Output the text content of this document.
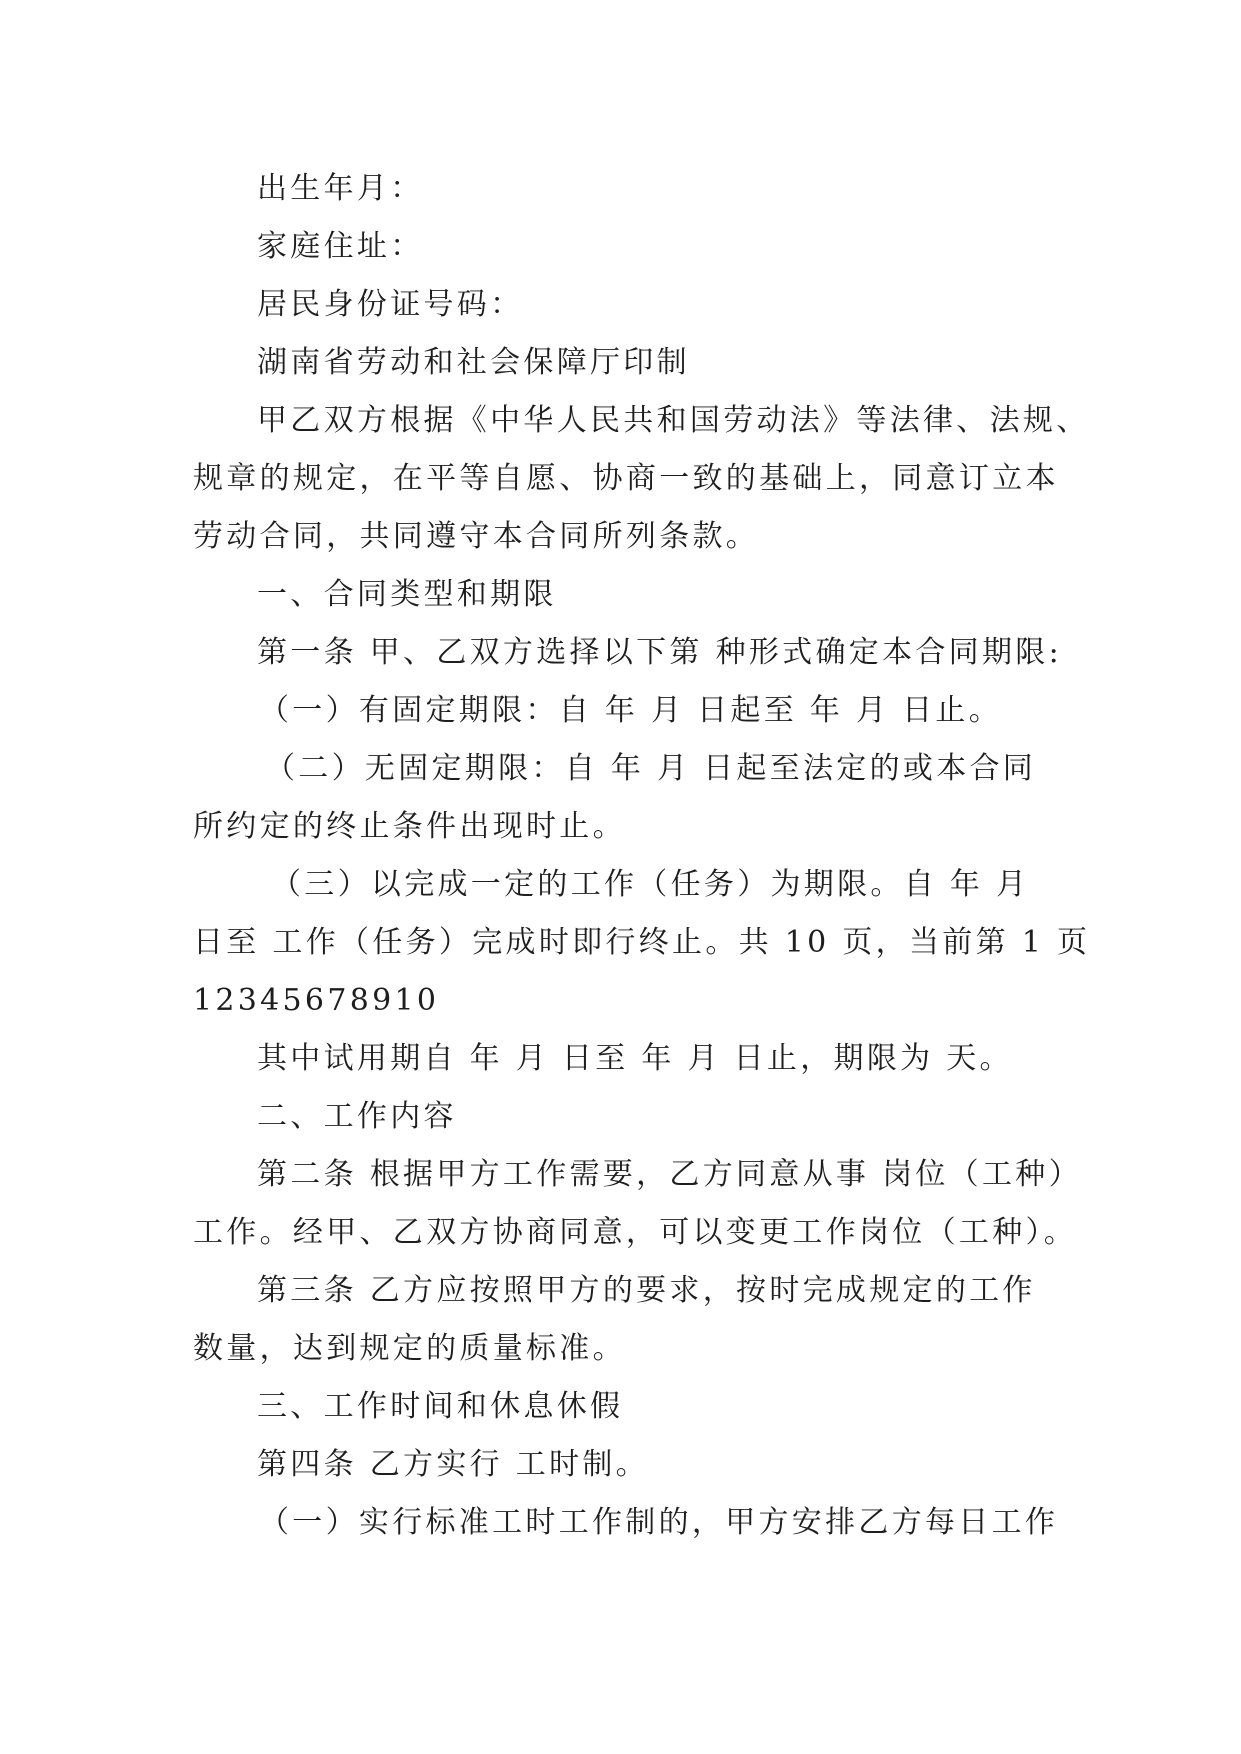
出生年月：
家庭住址：
居民身份证号码：
湖南省劳动和社会保障厅印制
甲乙双方根据《中华人民共和国劳动法》等法律、法规、
规章的规定，在平等自愿、协商一致的基础上，同意订立本
劳动合同，共同遵守本合同所列条款。
一、合同类型和期限
第一条 甲、乙双方选择以下第 种形式确定本合同期限:
（一）有固定期限：自 年 月 日起至 年 月 日止。
（二）无固定期限：自 年 月 日起至法定的或本合同
所约定的终止条件出现时止。
（三）以完成一定的工作（任务）为期限。自 年 月
日至 工作（任务）完成时即行终止。共 10 页，当前第 1 页
12345678910
其中试用期自 年 月 日至 年 月 日止，期限为 天。
二、工作内容
第二条 根据甲方工作需要，乙方同意从事 岗位（工种）
工作。经甲、乙双方协商同意，可以变更工作岗位（工种）。
第三条 乙方应按照甲方的要求，按时完成规定的工作
数量，达到规定的质量标准。
三、工作时间和休息休假
第四条 乙方实行 工时制。
（一）实行标准工时工作制的，甲方安排乙方每日工作
